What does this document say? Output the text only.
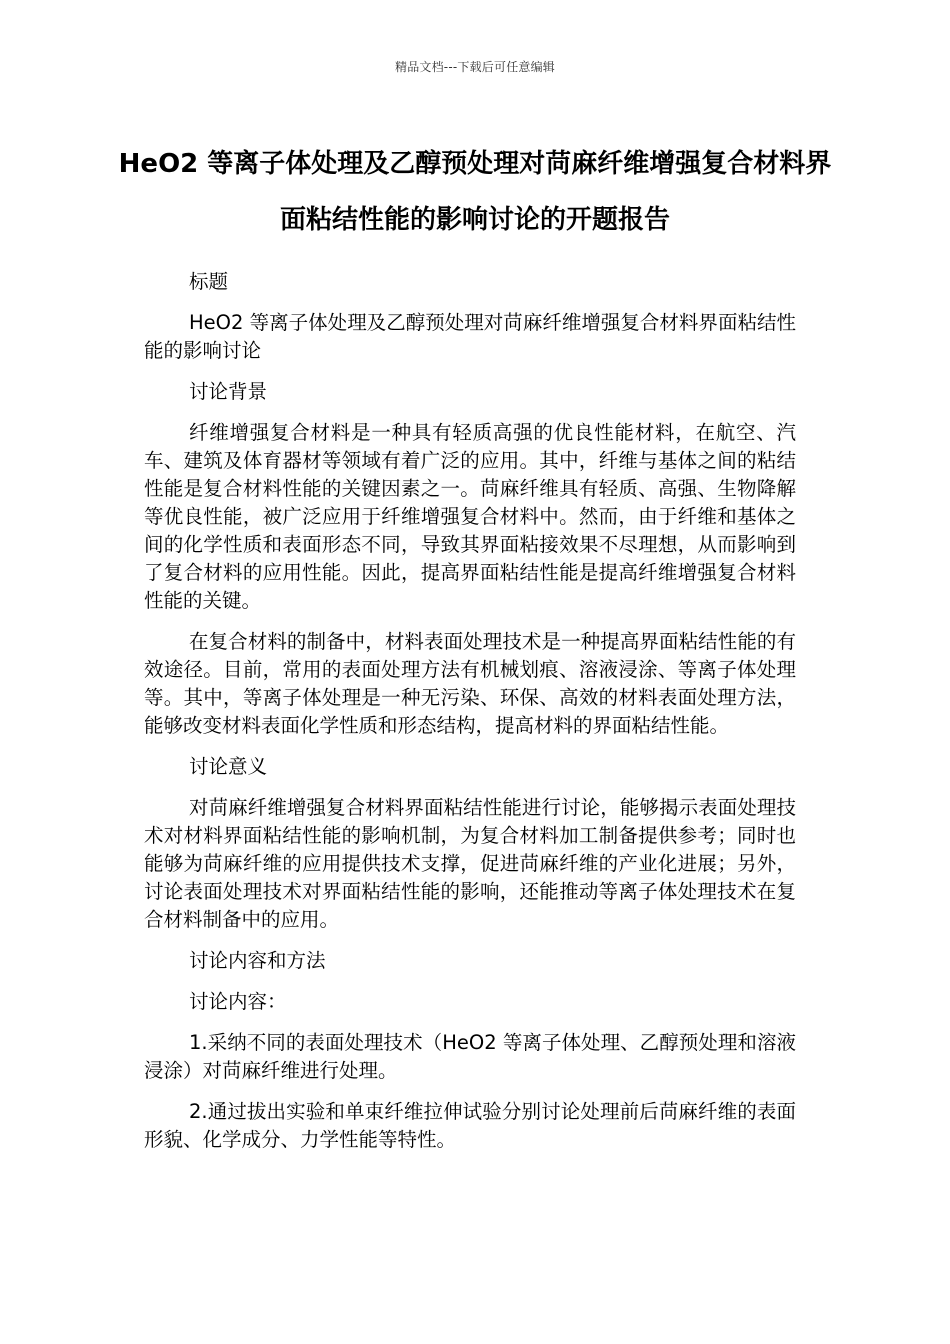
精品文档---下载后可任意编辑
HeO2 等离子体处理及乙醇预处理对苘麻纤维增强复合材料界面粘结性能的影响讨论的开题报告

标题

HeO2 等离子体处理及乙醇预处理对苘麻纤维增强复合材料界面粘结性能的影响讨论

讨论背景

纤维增强复合材料是一种具有轻质高强的优良性能材料，在航空、汽车、建筑及体育器材等领域有着广泛的应用。其中，纤维与基体之间的粘结性能是复合材料性能的关键因素之一。苘麻纤维具有轻质、高强、生物降解等优良性能，被广泛应用于纤维增强复合材料中。然而，由于纤维和基体之间的化学性质和表面形态不同，导致其界面粘接效果不尽理想，从而影响到了复合材料的应用性能。因此，提高界面粘结性能是提高纤维增强复合材料性能的关键。

在复合材料的制备中，材料表面处理技术是一种提高界面粘结性能的有效途径。目前，常用的表面处理方法有机械划痕、溶液浸涂、等离子体处理等。其中，等离子体处理是一种无污染、环保、高效的材料表面处理方法，能够改变材料表面化学性质和形态结构，提高材料的界面粘结性能。

讨论意义

对苘麻纤维增强复合材料界面粘结性能进行讨论，能够揭示表面处理技术对材料界面粘结性能的影响机制，为复合材料加工制备提供参考；同时也能够为苘麻纤维的应用提供技术支撑，促进苘麻纤维的产业化进展；另外，讨论表面处理技术对界面粘结性能的影响，还能推动等离子体处理技术在复合材料制备中的应用。

讨论内容和方法

讨论内容：

1.采纳不同的表面处理技术（HeO2 等离子体处理、乙醇预处理和溶液浸涂）对苘麻纤维进行处理。

2.通过拔出实验和单束纤维拉伸试验分别讨论处理前后苘麻纤维的表面形貌、化学成分、力学性能等特性。
